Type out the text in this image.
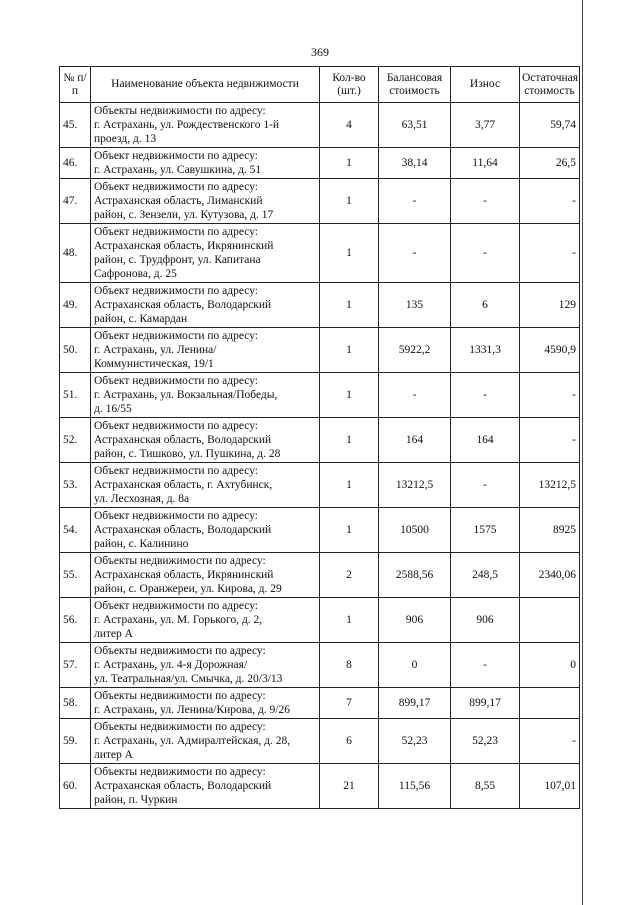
369
№ п/п	Наименование объекта недвижимости	Кол-во (шт.)	Балансовая стоимость	Износ	Остаточная стоимость
45.	Объекты недвижимости по адресу:
г. Астрахань, ул. Рождественского 1-й
проезд, д. 13	4	63,51	3,77	59,74
46.	Объект недвижимости по адресу:
г. Астрахань, ул. Савушкина, д. 51	1	38,14	11,64	26,5
47.	Объект недвижимости по адресу:
Астраханская область, Лиманский
район, с. Зензели, ул. Кутузова, д. 17	1	-	-	-
48.	Объект недвижимости по адресу:
Астраханская область, Икрянинский
район, с. Трудфронт, ул. Капитана
Сафронова, д. 25	1	-	-	-
49.	Объект недвижимости по адресу:
Астраханская область, Володарский
район, с. Камардан	1	135	6	129
50.	Объект недвижимости по адресу:
г. Астрахань, ул. Ленина/
Коммунистическая, 19/1	1	5922,2	1331,3	4590,9
51.	Объект недвижимости по адресу:
г. Астрахань, ул. Вокзальная/Победы,
д. 16/55	1	-	-	-
52.	Объект недвижимости по адресу:
Астраханская область, Володарский
район, с. Тишково, ул. Пушкина, д. 28	1	164	164	-
53.	Объект недвижимости по адресу:
Астраханская область, г. Ахтубинск,
ул. Лесхозная, д. 8а	1	13212,5	-	13212,5
54.	Объект недвижимости по адресу:
Астраханская область, Володарский
район, с. Калинино	1	10500	1575	8925
55.	Объекты недвижимости по адресу:
Астраханская область, Икрянинский
район, с. Оранжереи, ул. Кирова, д. 29	2	2588,56	248,5	2340,06
56.	Объект недвижимости по адресу:
г. Астрахань, ул. М. Горького, д. 2,
литер А	1	906	906	
57.	Объекты недвижимости по адресу:
г. Астрахань, ул. 4-я Дорожная/
ул. Театральная/ул. Смычка, д. 20/3/13	8	0	-	0
58.	Объекты недвижимости по адресу:
г. Астрахань, ул. Ленина/Кирова, д. 9/26	7	899,17	899,17	
59.	Объекты недвижимости по адресу:
г. Астрахань, ул. Адмиралтейская, д. 28,
литер А	6	52,23	52,23	-
60.	Объекты недвижимости по адресу:
Астраханская область, Володарский
район, п. Чуркин	21	115,56	8,55	107,01
